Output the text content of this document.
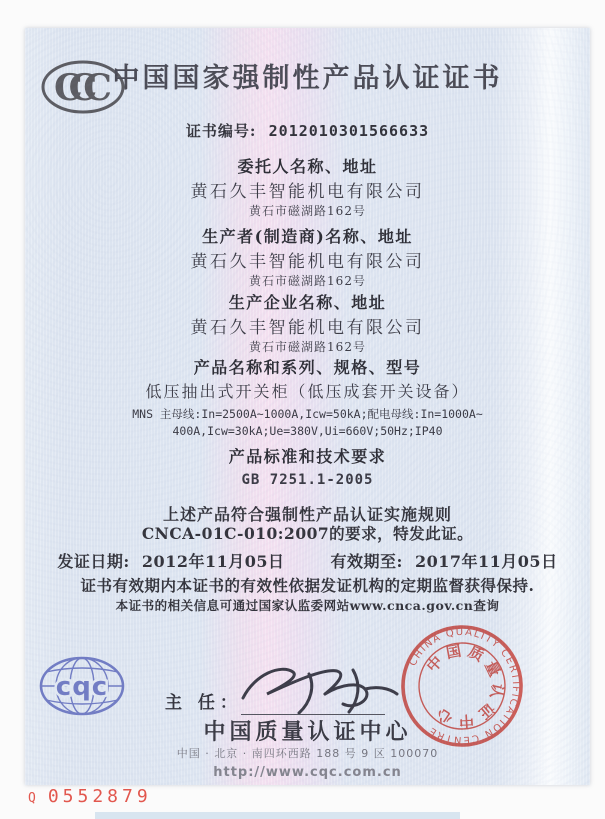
CCC 中国国家强制性产品认证证书
证书编号: 2012010301566633
委托人名称、地址
黄石久丰智能机电有限公司
黄石市磁湖路162号
生产者(制造商)名称、地址
黄石久丰智能机电有限公司
黄石市磁湖路162号
生产企业名称、地址
黄石久丰智能机电有限公司
黄石市磁湖路162号
产品名称和系列、规格、型号
低压抽出式开关柜（低压成套开关设备）
MNS 主母线:In=2500A~1000A,Icw=50kA;配电母线:In=1000A~
400A,Icw=30kA;Ue=380V,Ui=660V;50Hz;IP40
产品标准和技术要求
GB 7251.1-2005
上述产品符合强制性产品认证实施规则
CNCA-01C-010:2007的要求，特发此证。
发证日期: 2012年11月05日	有效期至: 2017年11月05日
证书有效期内本证书的有效性依据发证机构的定期监督获得保持.
本证书的相关信息可通过国家认监委网站www.cnca.gov.cn查询
cqc
主 任：
中国质量认证中心
中国 · 北京 · 南四环西路 188 号 9 区 100070
http://www.cqc.com.cn
CHINA QUALITY CERTIFICATION CENTRE
中国质量认证中心
Q 0552879
